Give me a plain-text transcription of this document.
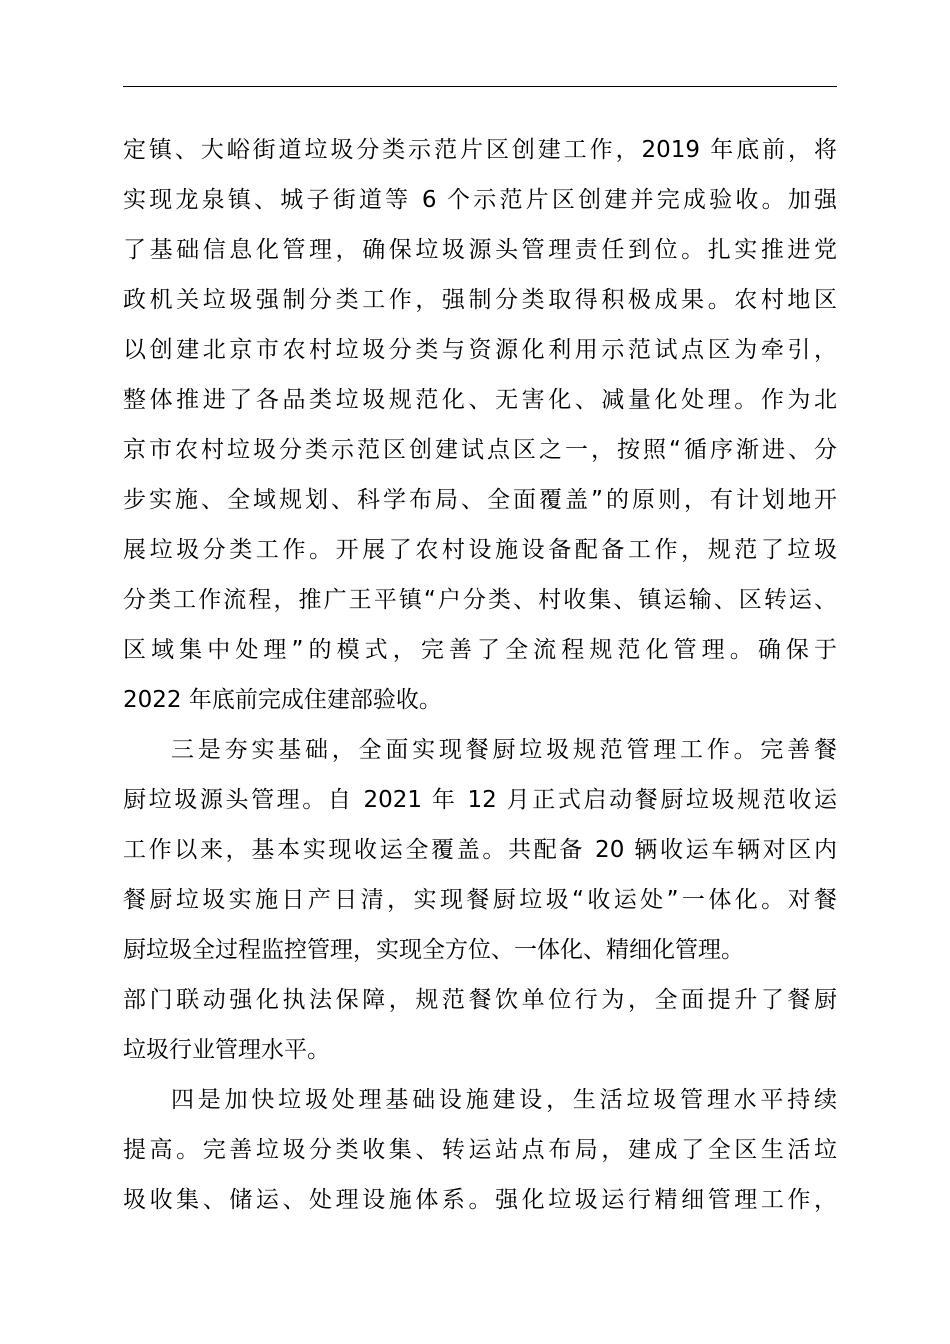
定镇、大峪街道垃圾分类示范片区创建工作，2019 年底前，将
实现龙泉镇、城子街道等 6 个示范片区创建并完成验收。加强
了基础信息化管理，确保垃圾源头管理责任到位。扎实推进党
政机关垃圾强制分类工作，强制分类取得积极成果。农村地区
以创建北京市农村垃圾分类与资源化利用示范试点区为牵引，
整体推进了各品类垃圾规范化、无害化、减量化处理。作为北
京市农村垃圾分类示范区创建试点区之一，按照“循序渐进、分
步实施、全域规划、科学布局、全面覆盖”的原则，有计划地开
展垃圾分类工作。开展了农村设施设备配备工作，规范了垃圾
分类工作流程，推广王平镇“户分类、村收集、镇运输、区转运、
区域集中处理”的模式，完善了全流程规范化管理。确保于
2022 年底前完成住建部验收。
三是夯实基础，全面实现餐厨垃圾规范管理工作。完善餐
厨垃圾源头管理。自 2021 年 12 月正式启动餐厨垃圾规范收运
工作以来，基本实现收运全覆盖。共配备 20 辆收运车辆对区内
餐厨垃圾实施日产日清，实现餐厨垃圾“收运处”一体化。对餐
厨垃圾全过程监控管理，实现全方位、一体化、精细化管理。
部门联动强化执法保障，规范餐饮单位行为，全面提升了餐厨
垃圾行业管理水平。
四是加快垃圾处理基础设施建设，生活垃圾管理水平持续
提高。完善垃圾分类收集、转运站点布局，建成了全区生活垃
圾收集、储运、处理设施体系。强化垃圾运行精细管理工作，
